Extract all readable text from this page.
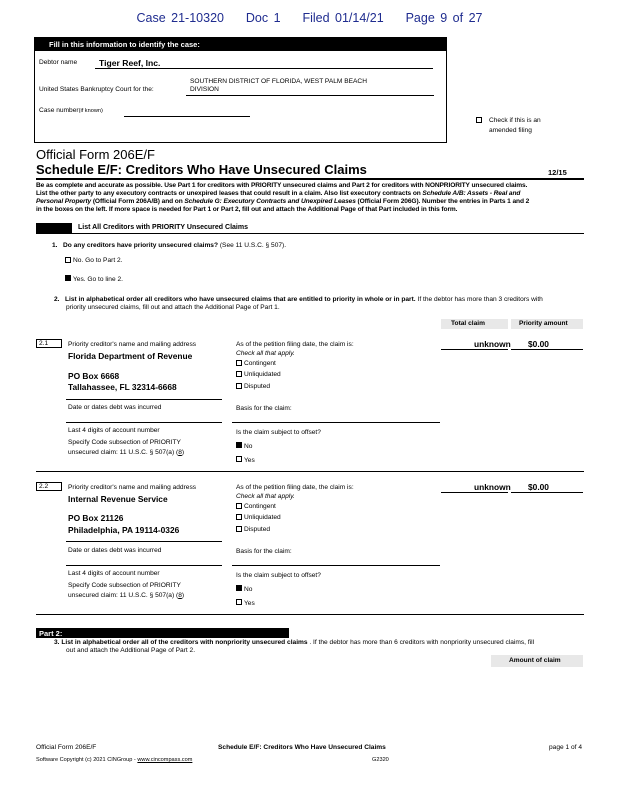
Case 21-10320 Doc 1 Filed 01/14/21 Page 9 of 27
Fill in this information to identify the case:
Debtor name	Tiger Reef, Inc.
United States Bankruptcy Court for the:
SOUTHERN DISTRICT OF FLORIDA, WEST PALM BEACH
DIVISION
Case number(if known)
Check if this is an
amended filing
Official Form 206E/F
Schedule E/F: Creditors Who Have Unsecured Claims	12/15
Be as complete and accurate as possible. Use Part 1 for creditors with PRIORITY unsecured claims and Part 2 for creditors with NONPRIORITY unsecured claims.
List the other party to any executory contracts or unexpired leases that could result in a claim. Also list executory contracts on Schedule A/B: Assets - Real and
Personal Property (Official Form 206A/B) and on Schedule G: Executory Contracts and Unexpired Leases (Official Form 206G). Number the entries in Parts 1 and 2
in the boxes on the left. If more space is needed for Part 1 or Part 2, fill out and attach the Additional Page of that Part included in this form.
List All Creditors with PRIORITY Unsecured Claims
1. Do any creditors have priority unsecured claims? (See 11 U.S.C. § 507).
No. Go to Part 2.
Yes. Go to line 2.
2. List in alphabetical order all creditors who have unsecured claims that are entitled to priority in whole or in part. If the debtor has more than 3 creditors with
priority unsecured claims, fill out and attach the Additional Page of Part 1.
Total claim	Priority amount
2.1	Priority creditor's name and mailing address
Florida Department of Revenue
PO Box 6668
Tallahassee, FL 32314-6668
As of the petition filing date, the claim is:
Check all that apply.
Contingent
Unliquidated
Disputed
unknown $0.00
Date or dates debt was incurred	Basis for the claim:
Last 4 digits of account number
Specify Code subsection of PRIORITY
unsecured claim: 11 U.S.C. § 507(a) (8)
Is the claim subject to offset?
No
Yes
2.2	Priority creditor's name and mailing address
Internal Revenue Service
PO Box 21126
Philadelphia, PA 19114-0326
As of the petition filing date, the claim is:
Check all that apply.
Contingent
Unliquidated
Disputed
unknown $0.00
Date or dates debt was incurred	Basis for the claim:
Last 4 digits of account number
Specify Code subsection of PRIORITY
unsecured claim: 11 U.S.C. § 507(a) (8)
Is the claim subject to offset?
No
Yes
Part 2:
3. List in alphabetical order all of the creditors with nonpriority unsecured claims . If the debtor has more than 6 creditors with nonpriority unsecured claims, fill
out and attach the Additional Page of Part 2.
Amount of claim
Official Form 206E/F	Schedule E/F: Creditors Who Have Unsecured Claims	page 1 of 4
Software Copyright (c) 2021 CINGroup - www.cincompass.com	G2320
